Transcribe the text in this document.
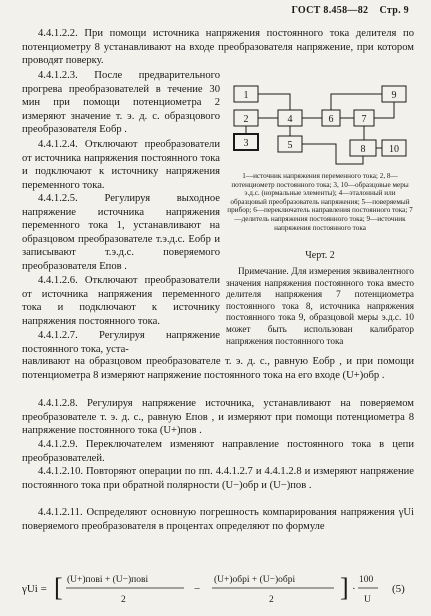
ГОСТ 8.458—82 Стр. 9

4.4.1.2.2. При помощи источника напряжения постоянного тока делителя по потенциометру 8 устанавливают на входе преобразователя напряжение, при котором проводят поверку.

4.4.1.2.3. После предварительного прогрева преобразователей в течение 30 мин при помощи потенциометра 2 измеряют значение т. э. д. с. образцового преобразователя Eобр .

4.4.1.2.4. Отключают преобразователи от источника напряжения постоянного тока и подключают к источнику напряжения переменного тока.

4.4.1.2.5. Регулируя выходное напряжение источника напряжения переменного тока 1, устанавливают на образцовом преобразователе т.э.д.с. Eобр и записывают т.э.д.с. поверяемого преобразователя Eпов .

4.4.1.2.6. Отключают преобразователи от источника напряжения переменного тока и подключают к источнику напряжения постоянного тока.

4.4.1.2.7. Регулируя напряжение постоянного тока, уста-

навливают на образцовом преобразователе т. э. д. с., равную Eобр , и при помощи потенциометра 8 измеряют напряжение постоянного тока на его входе (U+)обр .

4.4.1.2.8. Регулируя напряжение источника, устанавливают на поверяемом преобразователе т. э. д. с., равную Eпов , и измеряют при помощи потенциометра 8 напряжение постоянного тока (U+)пов .

4.4.1.2.9. Переключателем изменяют направление постоянного тока в цепи преобразователей.

4.4.1.2.10. Повторяют операции по пп. 4.4.1.2.7 и 4.4.1.2.8 и измеряют напряжение постоянного тока при обратной полярности (U−)обр и (U−)пов .

4.4.1.2.11. Оспределяют основную погрешность компарирования напряжения γUi поверяемого преобразователя в процентах определяют по формуле

1
2
3
4
5
6	7
8
9
10
1—источник напряжения переменного тока; 2, 8—потенциометр постоянного тока; 3, 10—образцовые меры э.д.с. (нормальные элементы); 4—эталонный или образцовый преобразователь напряжения; 5—поверяемый прибор; 6—переключатель направления постоянного тока; 7—делитель напряжения постоянного тока; 9—источник напряжения постоянного тока
Черт. 2
Примечание. Для измерения эквивалентного значения напряжения постоянного тока вместо делителя напряжения 7 потенциометра постоянного тока 8, источника напряжения постоянного тока 9, образцовой меры э.д.с. 10 может быть использован калибратор напряжения постоянного тока
γUi = [ (U+)повi + (U−)повi
2
−
(U+)обрi + (U−)обрi
2	] ·
100
U
(5)
